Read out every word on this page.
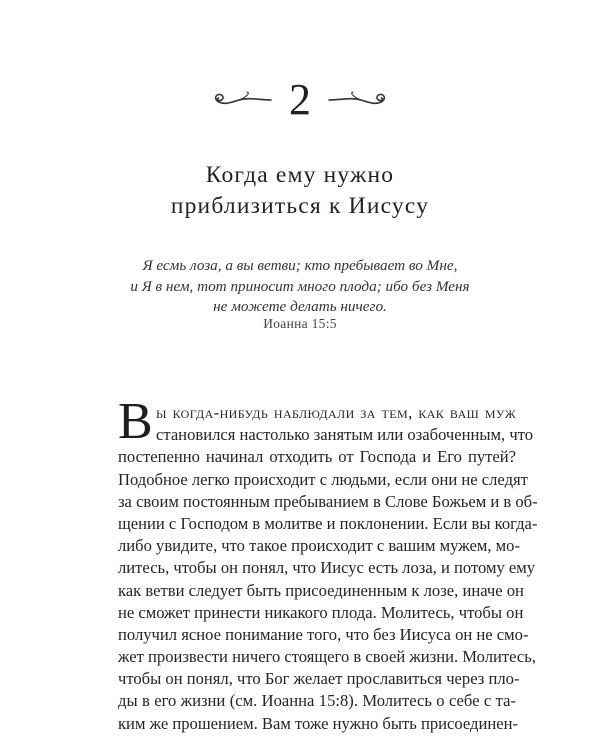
2
Когда ему нужно
приблизиться к Иисусу
Я есмь лоза, а вы ветви; кто пребывает во Мне,
и Я в нем, тот приносит много плода; ибо без Меня
не можете делать ничего.
Иоанна 15:5
В ы когда-нибудь наблюдали за тем, как ваш муж
становился настолько занятым или озабоченным, что
постепенно начинал отходить от Господа и Его путей?
Подобное легко происходит с людьми, если они не следят
за своим постоянным пребыванием в Слове Божьем и в об-
щении с Господом в молитве и поклонении. Если вы когда-
либо увидите, что такое происходит с вашим мужем, мо-
литесь, чтобы он понял, что Иисус есть лоза, и потому ему
как ветви следует быть присоединенным к лозе, иначе он
не сможет принести никакого плода. Молитесь, чтобы он
получил ясное понимание того, что без Иисуса он не смо-
жет произвести ничего стоящего в своей жизни. Молитесь,
чтобы он понял, что Бог желает прославиться через пло-
ды в его жизни (см. Иоанна 15:8). Молитесь о себе с та-
ким же прошением. Вам тоже нужно быть присоединен-
